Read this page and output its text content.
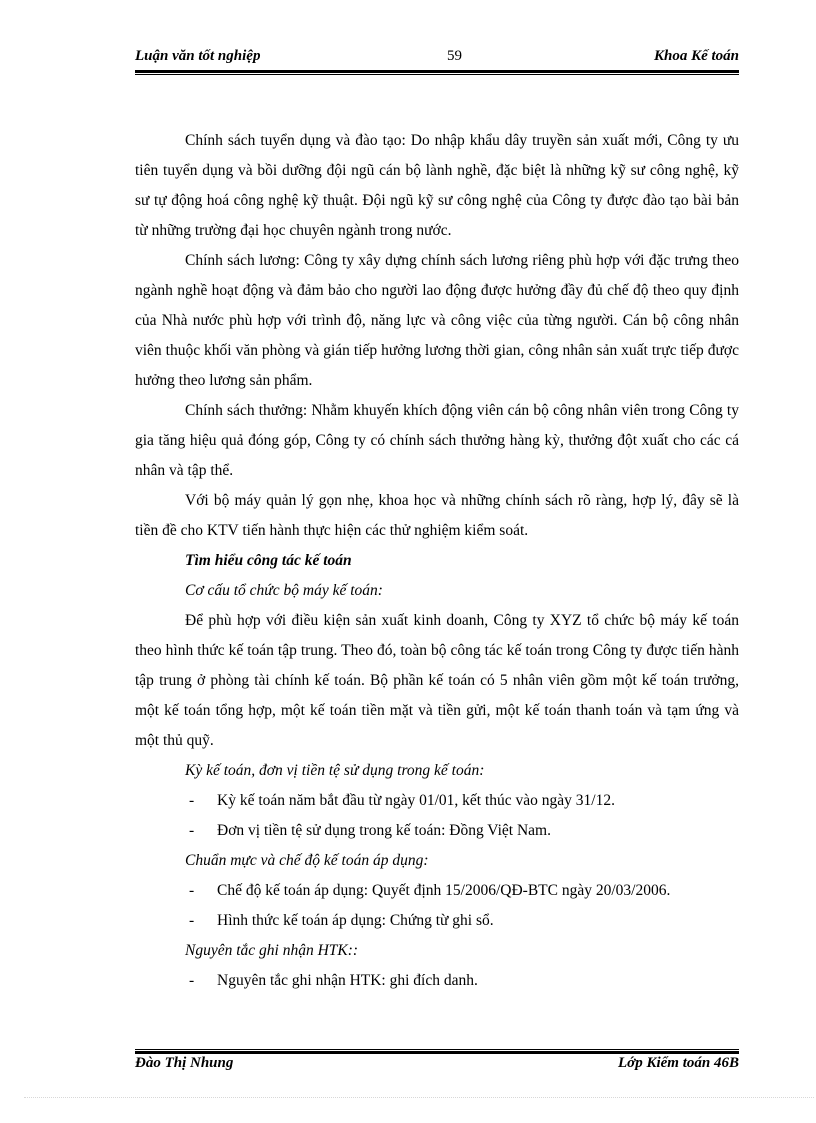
Luận văn tốt nghiệp	59	Khoa Kế toán

Chính sách tuyển dụng và đào tạo: Do nhập khẩu dây truyền sản xuất mới, Công ty ưu tiên tuyển dụng và bồi dưỡng đội ngũ cán bộ lành nghề, đặc biệt là những kỹ sư công nghệ, kỹ sư tự động hoá công nghệ kỹ thuật. Đội ngũ kỹ sư công nghệ của Công ty được đào tạo bài bản từ những trường đại học chuyên ngành trong nước.

Chính sách lương: Công ty xây dựng chính sách lương riêng phù hợp với đặc trưng theo ngành nghề hoạt động và đảm bảo cho người lao động được hưởng đầy đủ chế độ theo quy định của Nhà nước phù hợp với trình độ, năng lực và công việc của từng người. Cán bộ công nhân viên thuộc khối văn phòng và gián tiếp hưởng lương thời gian, công nhân sản xuất trực tiếp được hưởng theo lương sản phẩm.

Chính sách thưởng: Nhằm khuyến khích động viên cán bộ công nhân viên trong Công ty gia tăng hiệu quả đóng góp, Công ty có chính sách thưởng hàng kỳ, thưởng đột xuất cho các cá nhân và tập thể.

Với bộ máy quản lý gọn nhẹ, khoa học và những chính sách rõ ràng, hợp lý, đây sẽ là tiền đề cho KTV tiến hành thực hiện các thử nghiệm kiểm soát.

Tìm hiểu công tác kế toán

Cơ cấu tổ chức bộ máy kế toán:

Để phù hợp với điều kiện sản xuất kinh doanh, Công ty XYZ tổ chức bộ máy kế toán theo hình thức kế toán tập trung. Theo đó, toàn bộ công tác kế toán trong Công ty được tiến hành tập trung ở phòng tài chính kế toán. Bộ phần kế toán có 5 nhân viên gồm một kế toán trưởng, một kế toán tổng hợp, một kế toán tiền mặt và tiền gửi, một kế toán thanh toán và tạm ứng và một thủ quỹ.

Kỳ kế toán, đơn vị tiền tệ sử dụng trong kế toán:

- Kỳ kế toán năm bắt đầu từ ngày 01/01, kết thúc vào ngày 31/12.

- Đơn vị tiền tệ sử dụng trong kế toán: Đồng Việt Nam.

Chuẩn mực và chế độ kế toán áp dụng:

- Chế độ kế toán áp dụng: Quyết định 15/2006/QĐ-BTC ngày 20/03/2006.

- Hình thức kế toán áp dụng: Chứng từ ghi sổ.

Nguyên tắc ghi nhận HTK::

- Nguyên tắc ghi nhận HTK: ghi đích danh.

Đào Thị Nhung	Lớp Kiểm toán 46B
